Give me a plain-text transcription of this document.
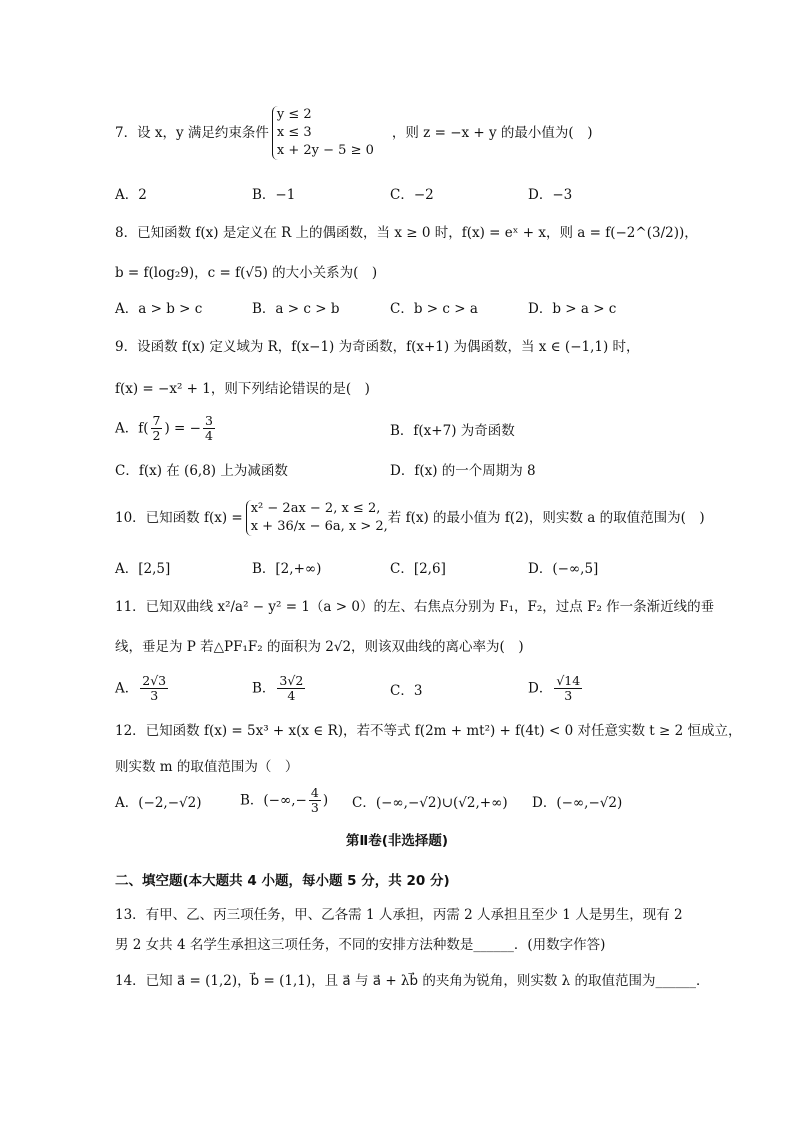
7．设 x，y 满足约束条件
y ≤ 2
x ≤ 3
x + 2y − 5 ≥ 0
，则 z = −x + y 的最小值为(　)
A．2	B．−1	C．−2	D．−3
8．已知函数 f(x) 是定义在 R 上的偶函数，当 x ≥ 0 时，f(x) = eˣ + x，则 a = f(−2^(3/2))，
b = f(log₂9)，c = f(√5) 的大小关系为(　)
A．a > b > c	B．a > c > b	C．b > c > a	D．b > a > c
9．设函数 f(x) 定义域为 R，f(x−1) 为奇函数，f(x+1) 为偶函数，当 x ∈ (−1,1) 时，
f(x) = −x² + 1，则下列结论错误的是(　)
A．$f( \frac{7}{2}$ ) = − $\frac{3}{4}$	B．f(x+7) 为奇函数
C．f(x) 在 (6,8) 上为减函数	D．f(x) 的一个周期为 8
10．已知函数 f(x) =
x² − 2ax − 2, x ≤ 2,
x + 36/x − 6a, x > 2,
若 f(x) 的最小值为 f(2)，则实数 a 的取值范围为(　)
A．[2,5]	B．[2,+∞)	C．[2,6]	D．(−∞,5]
11．已知双曲线 x²/a² − y² = 1（a > 0）的左、右焦点分别为 F₁，F₂，过点 F₂ 作一条渐近线的垂
线，垂足为 P 若△PF₁F₂ 的面积为 2√2，则该双曲线的离心率为(　)
A． $\frac{2√3}{3}$	B． $\frac{3√2}{4}$	C．3	D． $\frac{√14}{3}$
12．已知函数 f(x) = 5x³ + x(x ∈ R)，若不等式 f(2m + mt²) + f(4t) < 0 对任意实数 t ≥ 2 恒成立，
则实数 m 的取值范围为（　）
A．(−2,−√2)	B．(−∞,− $\frac{4}{3}$ ) C．(−∞,−√2)∪(√2,+∞) D．(−∞,−√2)
第Ⅱ卷(非选择题)
二、填空题(本大题共 4 小题，每小题 5 分，共 20 分)
13．有甲、乙、丙三项任务，甲、乙各需 1 人承担，丙需 2 人承担且至少 1 人是男生，现有 2
男 2 女共 4 名学生承担这三项任务，不同的安排方法种数是______．(用数字作答)
14．已知 a⃗ = (1,2)，b⃗ = (1,1)，且 a⃗ 与 a⃗ + λb⃗ 的夹角为锐角，则实数 λ 的取值范围为______．
